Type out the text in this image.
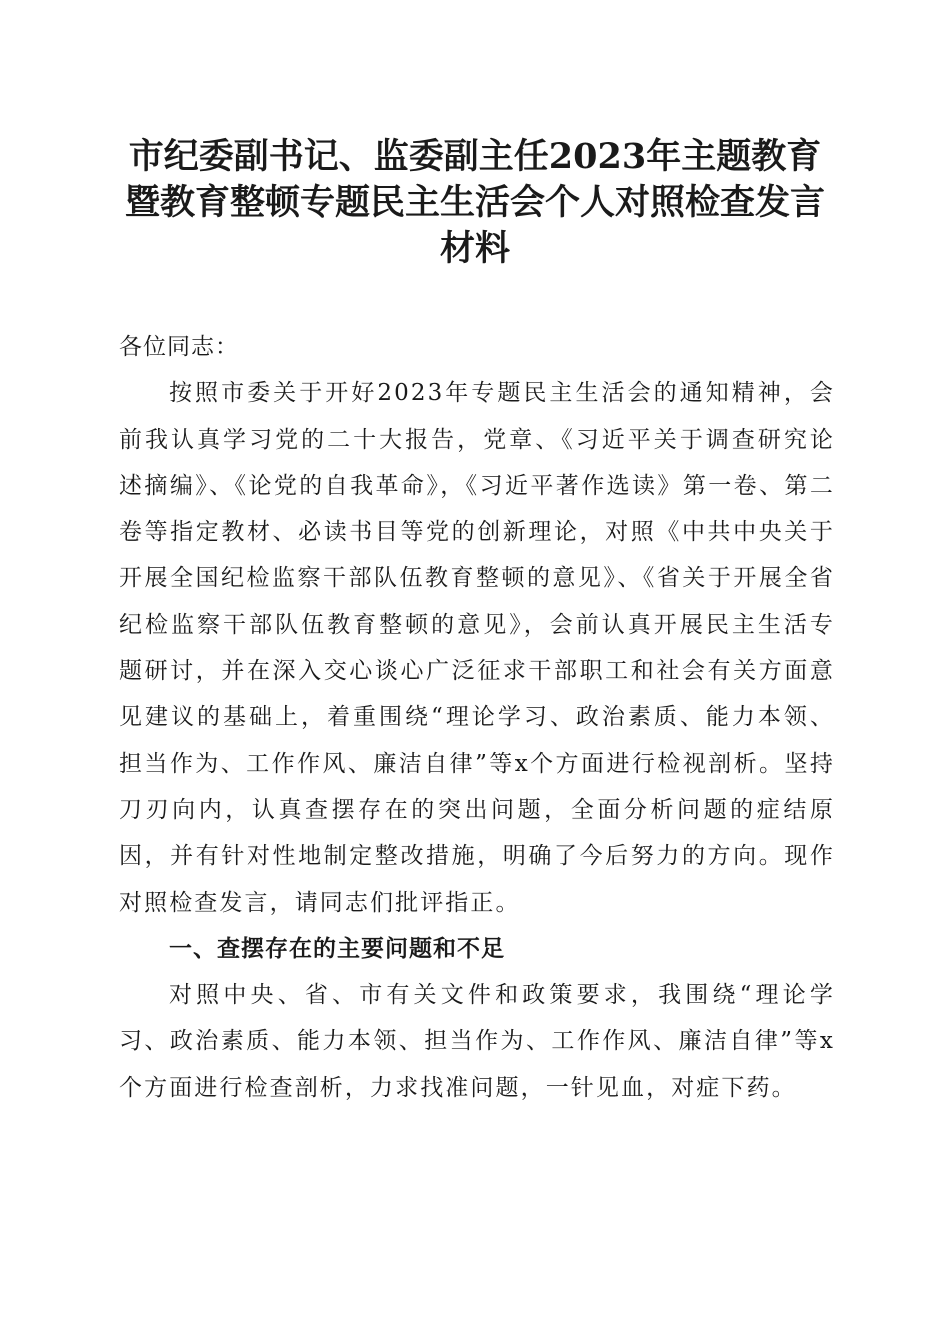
市纪委副书记、监委副主任2023年主题教育
暨教育整顿专题民主生活会个人对照检查发言
材料

各位同志：

按照市委关于开好2023年专题民主生活会的通知精神，会前我认真学习党的二十大报告，党章、《习近平关于调查研究论述摘编》、《论党的自我革命》，《习近平著作选读》第一卷、第二卷等指定教材、必读书目等党的创新理论，对照《中共中央关于开展全国纪检监察干部队伍教育整顿的意见》、《省关于开展全省纪检监察干部队伍教育整顿的意见》，会前认真开展民主生活专题研讨，并在深入交心谈心广泛征求干部职工和社会有关方面意见建议的基础上，着重围绕“理论学习、政治素质、能力本领、担当作为、工作作风、廉洁自律”等x个方面进行检视剖析。坚持刀刃向内，认真查摆存在的突出问题，全面分析问题的症结原因，并有针对性地制定整改措施，明确了今后努力的方向。现作对照检查发言，请同志们批评指正。

一、查摆存在的主要问题和不足

对照中央、省、市有关文件和政策要求，我围绕“理论学习、政治素质、能力本领、担当作为、工作作风、廉洁自律”等x个方面进行检查剖析，力求找准问题，一针见血，对症下药。
